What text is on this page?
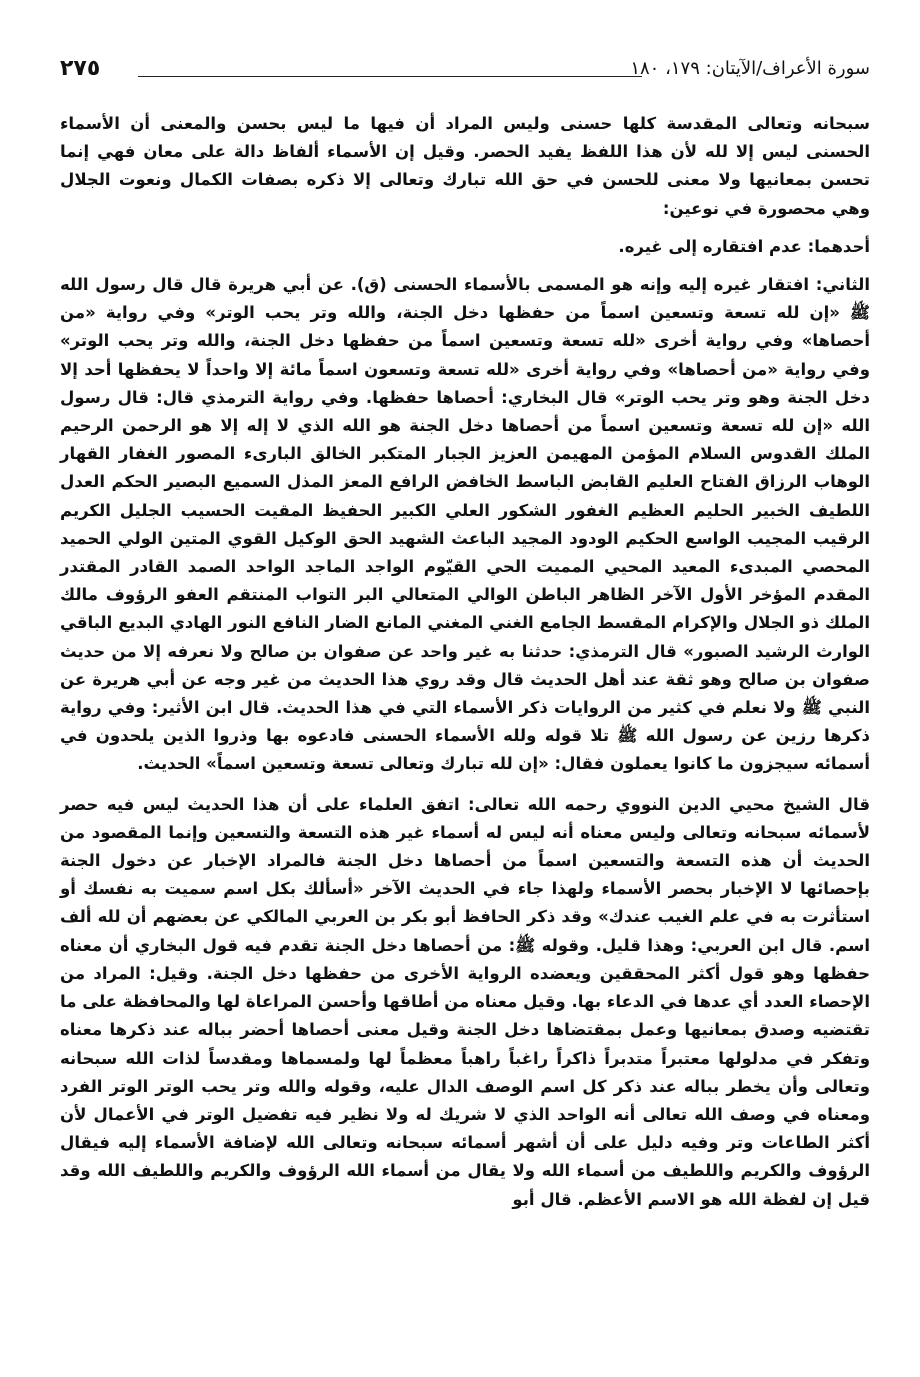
٢٧٥	سورة الأعراف/الآيتان: ١٧٩، ١٨٠

سبحانه وتعالى المقدسة كلها حسنى وليس المراد أن فيها ما ليس بحسن والمعنى أن الأسماء الحسنى ليس إلا لله لأن هذا اللفظ يفيد الحصر. وقيل إن الأسماء ألفاظ دالة على معان فهي إنما تحسن بمعانيها ولا معنى للحسن في حق الله تبارك وتعالى إلا ذكره بصفات الكمال ونعوت الجلال وهي محصورة في نوعين:

أحدهما: عدم افتقاره إلى غيره.

الثاني: افتقار غيره إليه وإنه هو المسمى بالأسماء الحسنى (ق). عن أبي هريرة قال قال رسول الله ﷺ «إن لله تسعة وتسعين اسماً من حفظها دخل الجنة، والله وتر يحب الوتر» وفي رواية «من أحصاها» وفي رواية أخرى «لله تسعة وتسعين اسماً من حفظها دخل الجنة، والله وتر يحب الوتر» وفي رواية «من أحصاها» وفي رواية أخرى «لله تسعة وتسعون اسماً مائة إلا واحداً لا يحفظها أحد إلا دخل الجنة وهو وتر يحب الوتر» قال البخاري: أحصاها حفظها. وفي رواية الترمذي قال: قال رسول الله «إن لله تسعة وتسعين اسماً من أحصاها دخل الجنة هو الله الذي لا إله إلا هو الرحمن الرحيم الملك القدوس السلام المؤمن المهيمن العزيز الجبار المتكبر الخالق البارىء المصور الغفار القهار الوهاب الرزاق الفتاح العليم القابض الباسط الخافض الرافع المعز المذل السميع البصير الحكم العدل اللطيف الخبير الحليم العظيم الغفور الشكور العلي الكبير الحفيظ المقيت الحسيب الجليل الكريم الرقيب المجيب الواسع الحكيم الودود المجيد الباعث الشهيد الحق الوكيل القوي المتين الولي الحميد المحصي المبدىء المعيد المحيي المميت الحي القيّوم الواجد الماجد الواحد الصمد القادر المقتدر المقدم المؤخر الأول الآخر الظاهر الباطن الوالي المتعالي البر التواب المنتقم العفو الرؤوف مالك الملك ذو الجلال والإكرام المقسط الجامع الغني المغني المانع الضار النافع النور الهادي البديع الباقي الوارث الرشيد الصبور» قال الترمذي: حدثنا به غير واحد عن صفوان بن صالح ولا نعرفه إلا من حديث صفوان بن صالح وهو ثقة عند أهل الحديث قال وقد روي هذا الحديث من غير وجه عن أبي هريرة عن النبي ﷺ ولا نعلم في كثير من الروايات ذكر الأسماء التي في هذا الحديث. قال ابن الأثير: وفي رواية ذكرها رزين عن رسول الله ﷺ تلا قوله ولله الأسماء الحسنى فادعوه بها وذروا الذين يلحدون في أسمائه سيجزون ما كانوا يعملون فقال: «إن لله تبارك وتعالى تسعة وتسعين اسماً» الحديث.

قال الشيخ محيي الدين النووي رحمه الله تعالى: اتفق العلماء على أن هذا الحديث ليس فيه حصر لأسمائه سبحانه وتعالى وليس معناه أنه ليس له أسماء غير هذه التسعة والتسعين وإنما المقصود من الحديث أن هذه التسعة والتسعين اسماً من أحصاها دخل الجنة فالمراد الإخبار عن دخول الجنة بإحصائها لا الإخبار بحصر الأسماء ولهذا جاء في الحديث الآخر «أسألك بكل اسم سميت به نفسك أو استأثرت به في علم الغيب عندك» وقد ذكر الحافظ أبو بكر بن العربي المالكي عن بعضهم أن لله ألف اسم. قال ابن العربي: وهذا قليل. وقوله ﷺ: من أحصاها دخل الجنة تقدم فيه قول البخاري أن معناه حفظها وهو قول أكثر المحققين ويعضده الرواية الأخرى من حفظها دخل الجنة. وقيل: المراد من الإحصاء العدد أي عدها في الدعاء بها. وقيل معناه من أطاقها وأحسن المراعاة لها والمحافظة على ما تقتضيه وصدق بمعانيها وعمل بمقتضاها دخل الجنة وقيل معنى أحصاها أحضر بباله عند ذكرها معناه وتفكر في مدلولها معتبراً متدبراً ذاكراً راغباً راهباً معظماً لها ولمسماها ومقدساً لذات الله سبحانه وتعالى وأن يخطر بباله عند ذكر كل اسم الوصف الدال عليه، وقوله والله وتر يحب الوتر الوتر الفرد ومعناه في وصف الله تعالى أنه الواحد الذي لا شريك له ولا نظير فيه تفضيل الوتر في الأعمال لأن أكثر الطاعات وتر وفيه دليل على أن أشهر أسمائه سبحانه وتعالى الله لإضافة الأسماء إليه فيقال الرؤوف والكريم واللطيف من أسماء الله ولا يقال من أسماء الله الرؤوف والكريم واللطيف الله وقد قيل إن لفظة الله هو الاسم الأعظم. قال أبو
